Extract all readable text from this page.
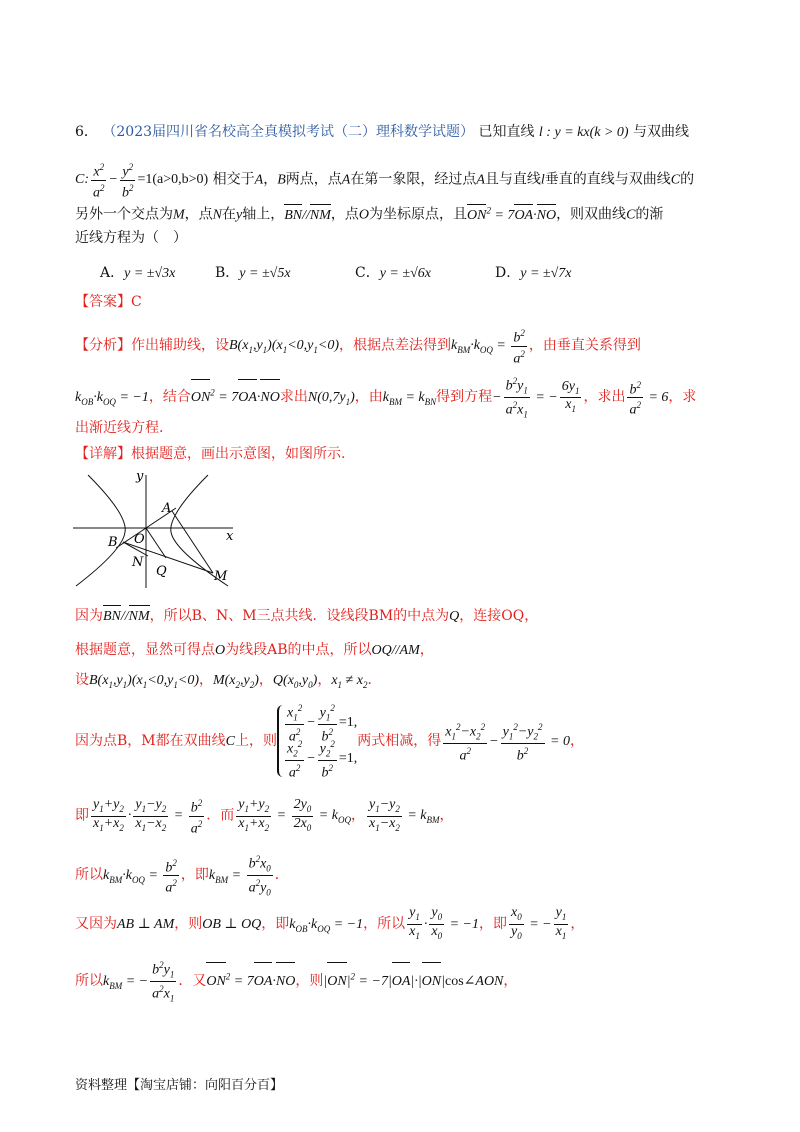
6． （2023届四川省名校高全真模拟考试（二）理科数学试题） 已知直线 l : y = kx(k > 0) 与双曲线
C: $\frac{x^2}{a^2} - \frac{y^2}{b^2} =1(a>0,b>0)$ 相交于A，B两点，点A在第一象限，经过点A且与直线l垂直的直线与双曲线C的
另外一个交点为M，点N在y轴上，BN//NM，点O为坐标原点，且$ON^2 = 7OA\cdot NO$，则双曲线C的渐
近线方程为（　）
A．y = ±√3x	B．y = ±√5x	C．y = ±√6x	D．y = ±√7x
【答案】C
【分析】作出辅助线，设$B(x_1,y_1)(x_1<0,y_1<0)$，根据点差法得到$k_{BM}\cdot k_{OQ} = \frac{b^2}{a^2}$ ，由垂直关系得到
$k_{OB}\cdot k_{OQ} = -1$，结合$ON^2 = 7OA\cdot NO$求出$N(0,7y_1)$，由$k_{BM} = k_{BN}$得到方程− $\frac{b^2y_1}{a^2x_1}$ = − $\frac{6y_1}{x_1}$ ，求出 $\frac{b^2}{a^2} = 6$，求
出渐近线方程.
【详解】根据题意，画出示意图，如图所示.
y
x
A
B O
N
Q	M
因为BN//NM，所以B、N、M三点共线．设线段BM的中点为Q，连接OQ，
根据题意，显然可得点O为线段AB的中点，所以OQ//AM，
设$B(x_1,y_1)(x_1<0,y_1<0)$，$M(x_2,y_2)$，$Q(x_0,y_0)$，$x_1 \ne x_2$．
因为点B，M都在双曲线C上，则 $\frac{x_1^2}{a^2} - \frac{y_1^2}{b^2} =1$,
$\frac{x_2^2}{a^2} - \frac{y_2^2}{b^2} =1$,
两式相减，得 $\frac{x_1^2-x_2^2}{a^2} - \frac{y_1^2-y_2^2}{b^2} = 0$，
即 $\frac{y_1+y_2}{x_1+x_2} \cdot \frac{y_1-y_2}{x_1-x_2} = \frac{b^2}{a^2}$ ．而 $\frac{y_1+y_2}{x_1+x_2} = \frac{2y_0}{2x_0} = k_{OQ}$， $\frac{y_1-y_2}{x_1-x_2} = k_{BM}$，
所以$k_{BM}\cdot k_{OQ} = \frac{b^2}{a^2}$ ，即$k_{BM} = \frac{b^2x_0}{a^2y_0}$ ．
又因为AB ⊥ AM，则OB ⊥ OQ，即$k_{OB}\cdot k_{OQ} = -1$，所以 $\frac{y_1}{x_1} \cdot \frac{y_0}{x_0} = -1$，即 $\frac{x_0}{y_0}$ = − $\frac{y_1}{x_1}$ ，
所以$k_{BM}$ = − $\frac{b^2y_1}{a^2x_1}$ ．又$ON^2 = 7OA\cdot NO$，则$|ON|^2$ = −7|OA|·|ON|cos∠AON，
资料整理【淘宝店铺：向阳百分百】
